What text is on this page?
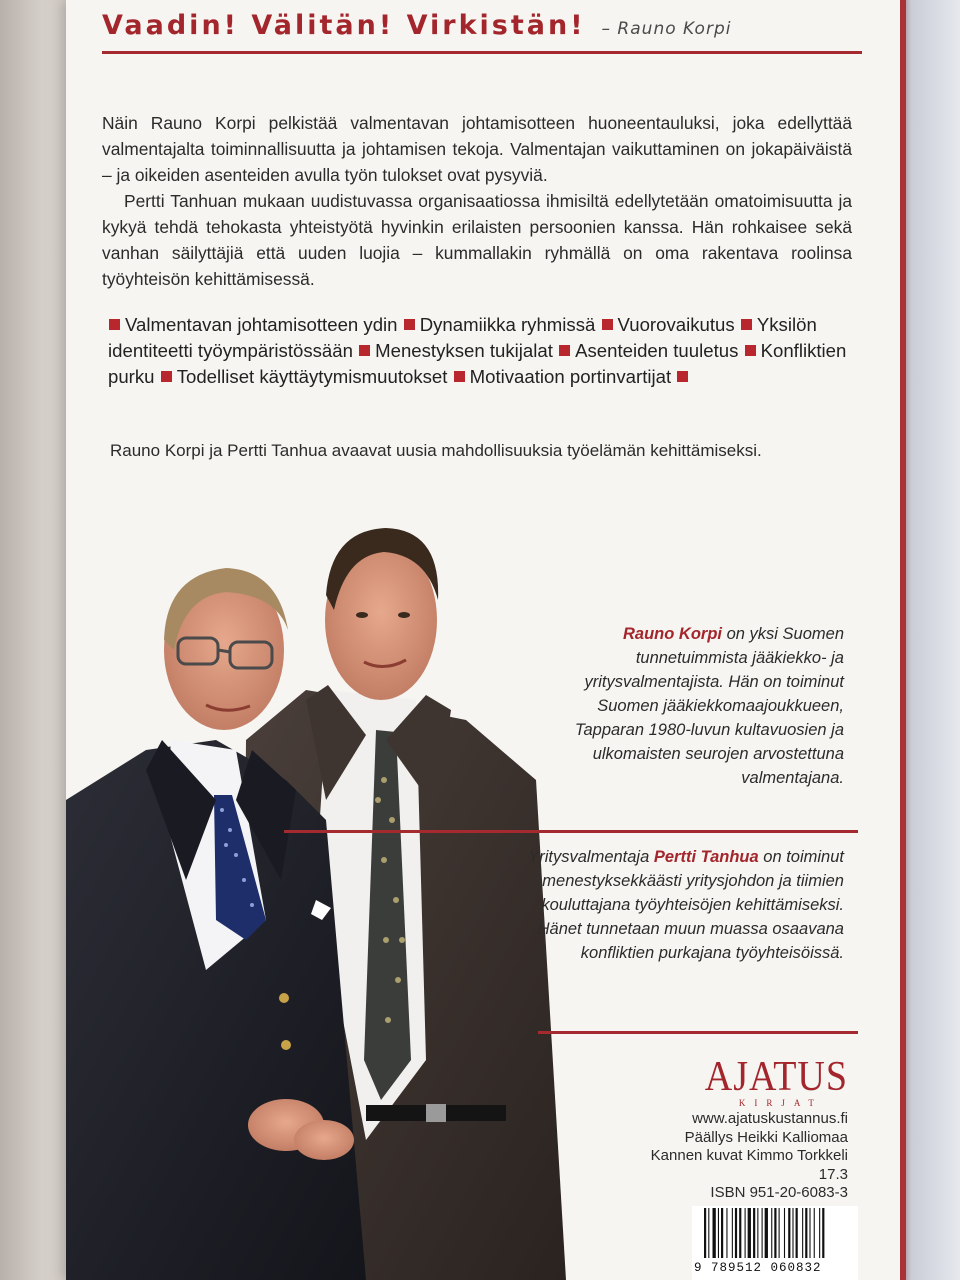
Vaadin! Välitän! Virkistän! – Rauno Korpi

Näin Rauno Korpi pelkistää valmentavan johtamisotteen huoneentauluksi, joka edellyttää valmentajalta toiminnallisuutta ja johtamisen tekoja. Valmentajan vaikuttaminen on jokapäiväistä – ja oikeiden asenteiden avulla työn tulokset ovat pysyviä.

Pertti Tanhuan mukaan uudistuvassa organisaatiossa ihmisiltä edellytetään omatoimisuutta ja kykyä tehdä tehokasta yhteistyötä hyvinkin erilaisten persoonien kanssa. Hän rohkaisee sekä vanhan säilyttäjiä että uuden luojia – kummallakin ryhmällä on oma rakentava roolinsa työyhteisön kehittämisessä.

Valmentavan johtamisotteen ydin Dynamiikka ryhmissä Vuorovaikutus Yksilön identiteetti työympäristössään Menestyksen tukijalat Asenteiden tuuletus Konfliktien purku Todelliset käyttäytymismuutokset Motivaation portinvartijat
Rauno Korpi ja Pertti Tanhua avaavat uusia mahdollisuuksia työelämän kehittämiseksi.
Rauno Korpi on yksi Suomen tunnetuimmista jääkiekko- ja yritysvalmentajista. Hän on toiminut Suomen jääkiekkomaajoukkueen, Tapparan 1980-luvun kultavuosien ja ulkomaisten seurojen arvostettuna valmentajana.
Yritysvalmentaja Pertti Tanhua on toiminut menestyksekkäästi yritysjohdon ja tiimien kouluttajana työyhteisöjen kehittämiseksi. Hänet tunnetaan muun muassa osaavana konfliktien purkajana työyhteisöissä.
AJATUS
KIRJAT
www.ajatuskustannus.fi
Päällys Heikki Kalliomaa
Kannen kuvat Kimmo Torkkeli
17.3
ISBN 951-20-6083-3
9 789512 060832
